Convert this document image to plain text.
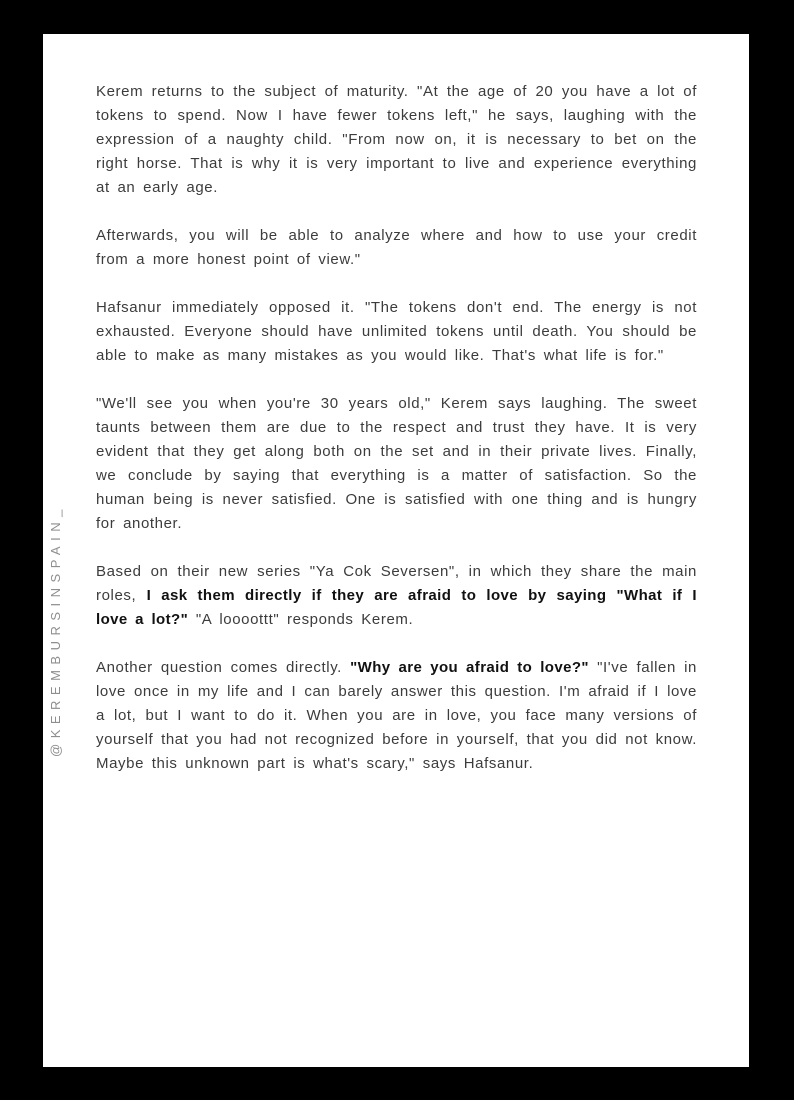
Kerem returns to the subject of maturity. "At the age of 20 you have a lot of tokens to spend. Now I have fewer tokens left," he says, laughing with the expression of a naughty child. "From now on, it is necessary to bet on the right horse. That is why it is very important to live and experience everything at an early age.

Afterwards, you will be able to analyze where and how to use your credit from a more honest point of view."

Hafsanur immediately opposed it. "The tokens don't end. The energy is not exhausted. Everyone should have unlimited tokens until death. You should be able to make as many mistakes as you would like. That's what life is for."

"We'll see you when you're 30 years old," Kerem says laughing. The sweet taunts between them are due to the respect and trust they have. It is very evident that they get along both on the set and in their private lives. Finally, we conclude by saying that everything is a matter of satisfaction. So the human being is never satisfied. One is satisfied with one thing and is hungry for another.

Based on their new series "Ya Cok Seversen", in which they share the main roles, I ask them directly if they are afraid to love by saying "What if I love a lot?" "A loooottt" responds Kerem.

Another question comes directly. "Why are you afraid to love?" "I've fallen in love once in my life and I can barely answer this question. I'm afraid if I love a lot, but I want to do it. When you are in love, you face many versions of yourself that you had not recognized before in yourself, that you did not know. Maybe this unknown part is what's scary," says Hafsanur.

@KEREMBURSINSPAIN_
